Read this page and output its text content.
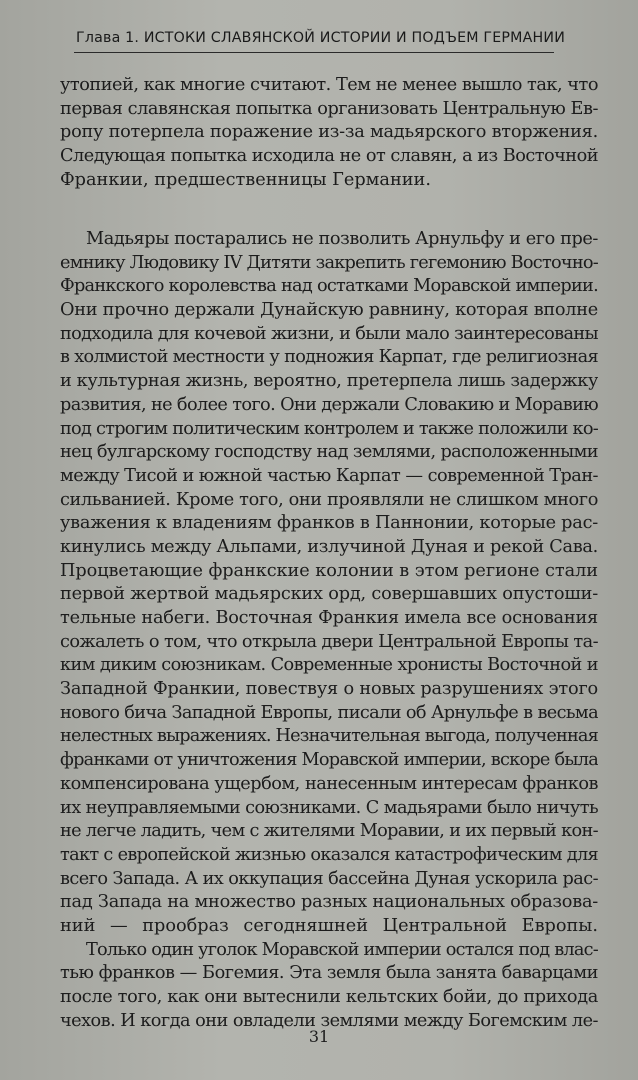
Глава 1. ИСТОКИ СЛАВЯНСКОЙ ИСТОРИИ И ПОДЪЕМ ГЕРМАНИИ
утопией, как многие считают. Тем не менее вышло так, что
первая славянская попытка организовать Центральную Ев-
ропу потерпела поражение из-за мадьярского вторжения.
Следующая попытка исходила не от славян, а из Восточной
Франкии, предшественницы Германии.
Мадьяры постарались не позволить Арнульфу и его пре-
емнику Людовику IV Дитяти закрепить гегемонию Восточно-
Франкского королевства над остатками Моравской империи.
Они прочно держали Дунайскую равнину, которая вполне
подходила для кочевой жизни, и были мало заинтересованы
в холмистой местности у подножия Карпат, где религиозная
и культурная жизнь, вероятно, претерпела лишь задержку
развития, не более того. Они держали Словакию и Моравию
под строгим политическим контролем и также положили ко-
нец булгарскому господству над землями, расположенными
между Тисой и южной частью Карпат — современной Тран-
сильванией. Кроме того, они проявляли не слишком много
уважения к владениям франков в Паннонии, которые рас-
кинулись между Альпами, излучиной Дуная и рекой Сава.
Процветающие франкские колонии в этом регионе стали
первой жертвой мадьярских орд, совершавших опустоши-
тельные набеги. Восточная Франкия имела все основания
сожалеть о том, что открыла двери Центральной Европы та-
ким диким союзникам. Современные хронисты Восточной и
Западной Франкии, повествуя о новых разрушениях этого
нового бича Западной Европы, писали об Арнульфе в весьма
нелестных выражениях. Незначительная выгода, полученная
франками от уничтожения Моравской империи, вскоре была
компенсирована ущербом, нанесенным интересам франков
их неуправляемыми союзниками. С мадьярами было ничуть
не легче ладить, чем с жителями Моравии, и их первый кон-
такт с европейской жизнью оказался катастрофическим для
всего Запада. А их оккупация бассейна Дуная ускорила рас-
пад Запада на множество разных национальных образова-
ний — прообраз сегодняшней Центральной Европы.
Только один уголок Моравской империи остался под влас-
тью франков — Богемия. Эта земля была занята баварцами
после того, как они вытеснили кельтских бойи, до прихода
чехов. И когда они овладели землями между Богемским ле-
31
